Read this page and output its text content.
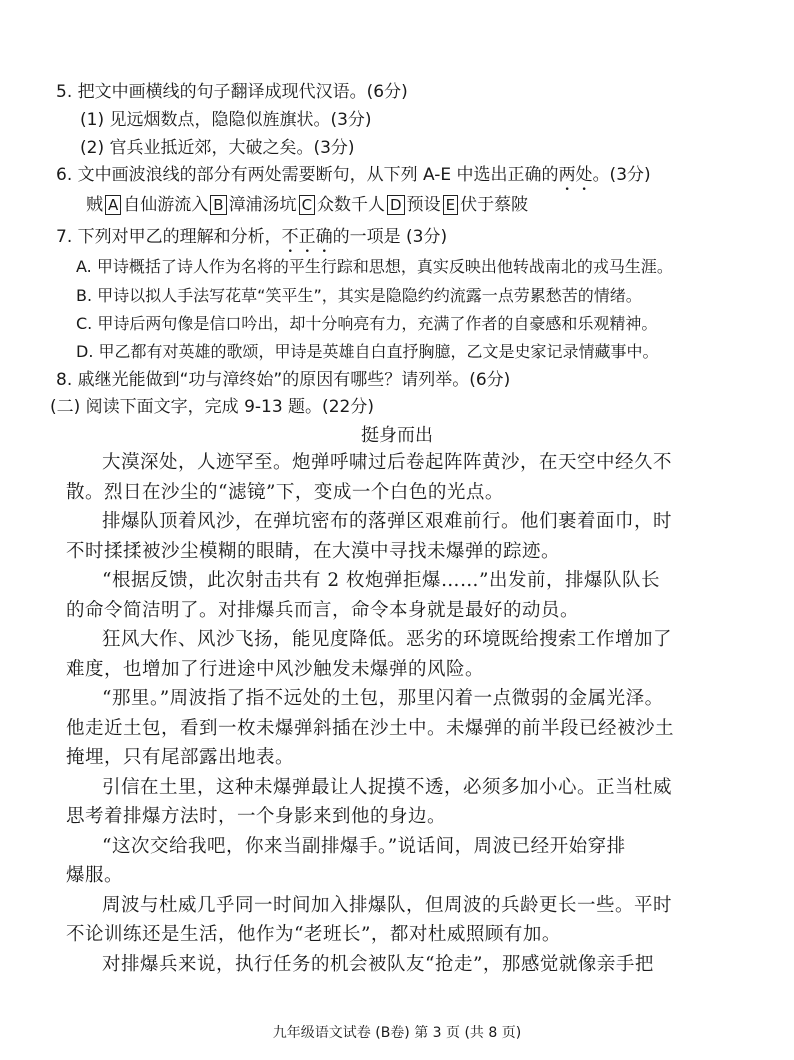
5. 把文中画横线的句子翻译成现代汉语。(6分)
(1) 见远烟数点，隐隐似旌旗状。(3分)
(2) 官兵业抵近郊，大破之矣。(3分)
6. 文中画波浪线的部分有两处需要断句，从下列 A-E 中选出正确的两处。(3分)
贼 A 自仙游流入 B 漳浦汤坑 C 众数千人 D 预设 E 伏于蔡陂
7. 下列对甲乙的理解和分析，不正确的一项是 (3分)
A. 甲诗概括了诗人作为名将的平生行踪和思想，真实反映出他转战南北的戎马生涯。
B. 甲诗以拟人手法写花草“笑平生”，其实是隐隐约约流露一点劳累愁苦的情绪。
C. 甲诗后两句像是信口吟出，却十分响亮有力，充满了作者的自豪感和乐观精神。
D. 甲乙都有对英雄的歌颂，甲诗是英雄自白直抒胸臆，乙文是史家记录情藏事中。
8. 戚继光能做到“功与漳终始”的原因有哪些？请列举。(6分)
(二) 阅读下面文字，完成 9-13 题。(22分)
挺身而出
大漠深处，人迹罕至。炮弹呼啸过后卷起阵阵黄沙，在天空中经久不
散。烈日在沙尘的“滤镜”下，变成一个白色的光点。
排爆队顶着风沙，在弹坑密布的落弹区艰难前行。他们裹着面巾，时
不时揉揉被沙尘模糊的眼睛，在大漠中寻找未爆弹的踪迹。
“根据反馈，此次射击共有 2 枚炮弹拒爆……”出发前，排爆队队长
的命令简洁明了。对排爆兵而言，命令本身就是最好的动员。
狂风大作、风沙飞扬，能见度降低。恶劣的环境既给搜索工作增加了
难度，也增加了行进途中风沙触发未爆弹的风险。
“那里。”周波指了指不远处的土包，那里闪着一点微弱的金属光泽。
他走近土包，看到一枚未爆弹斜插在沙土中。未爆弹的前半段已经被沙土
掩埋，只有尾部露出地表。
引信在土里，这种未爆弹最让人捉摸不透，必须多加小心。正当杜威
思考着排爆方法时，一个身影来到他的身边。
“这次交给我吧，你来当副排爆手。”说话间，周波已经开始穿排
爆服。
周波与杜威几乎同一时间加入排爆队，但周波的兵龄更长一些。平时
不论训练还是生活，他作为“老班长”，都对杜威照顾有加。
对排爆兵来说，执行任务的机会被队友“抢走”，那感觉就像亲手把
九年级语文试卷 (B卷) 第 3 页 (共 8 页)
